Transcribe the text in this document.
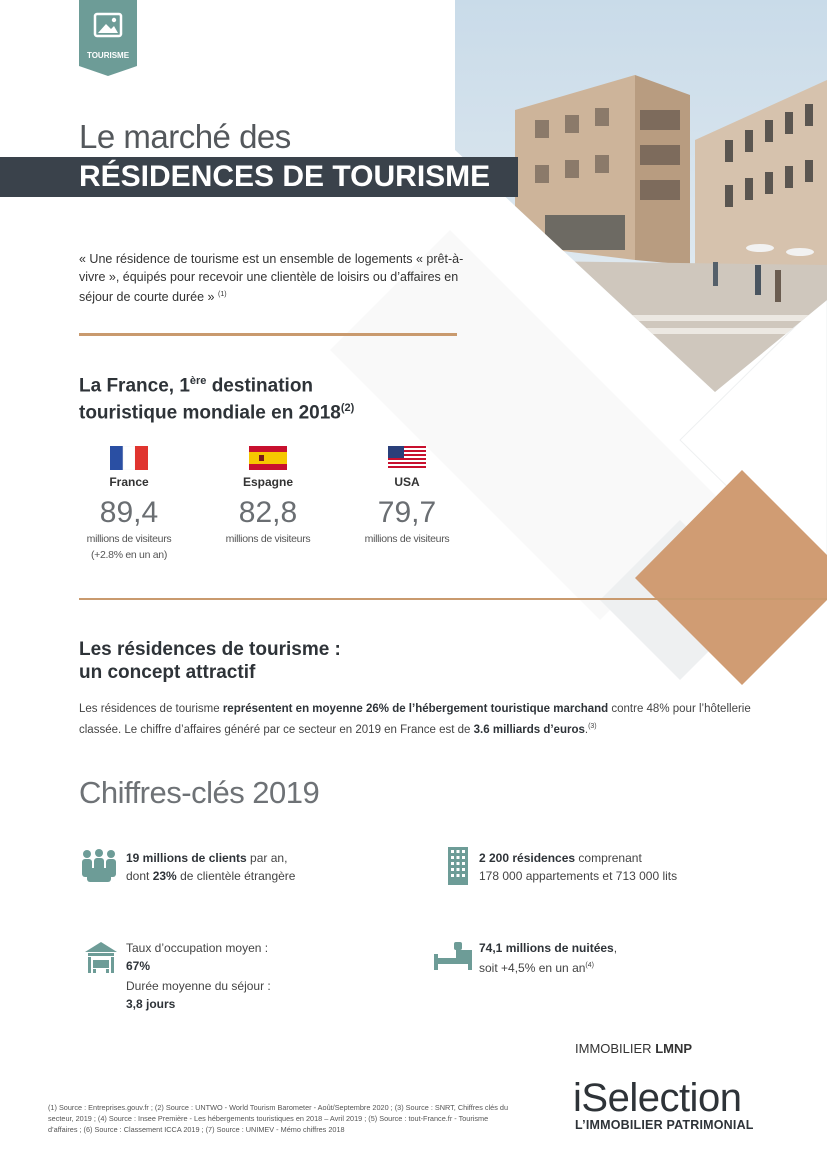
TOURISME
Le marché des
RÉSIDENCES DE TOURISME
« Une résidence de tourisme est un ensemble de logements « prêt-à-vivre », équipés pour recevoir une clientèle de loisirs ou d’affaires en séjour de courte durée » $^{(1)}$
La France, 1ère destination
touristique mondiale en 2018$^{(2)}$
France
89,4
millions de visiteurs
(+2.8% en un an)
Espagne
82,8
millions de visiteurs
USA
79,7
millions de visiteurs
Les résidences de tourisme :
un concept attractif
Les résidences de tourisme représentent en moyenne 26% de l’hébergement touristique marchand contre 48% pour l’hôtellerie classée. Le chiffre d’affaires généré par ce secteur en 2019 en France est de 3.6 milliards d’euros.$^{(3)}$
Chiffres-clés 2019
19 millions de clients par an,
dont 23% de clientèle étrangère
2 200 résidences comprenant
178 000 appartements et 713 000 lits
Taux d’occupation moyen :
67%
Durée moyenne du séjour :
3,8 jours
74,1 millions de nuitées,
soit +4,5% en un $an^{(4)}$
IMMOBILIER LMNP
iSelection
L’IMMOBILIER PATRIMONIAL
(1) Source : Entreprises.gouv.fr ; (2) Source : UNTWO - World Tourism Barometer - Août/Septembre 2020 ; (3) Source : SNRT, Chiffres clés du secteur, 2019 ; (4) Source : Insee Première - Les hébergements touristiques en 2018 – Avril 2019 ; (5) Source : tout-France.fr - Tourisme d’affaires ; (6) Source : Classement ICCA 2019 ; (7) Source : UNIMEV - Mémo chiffres 2018
